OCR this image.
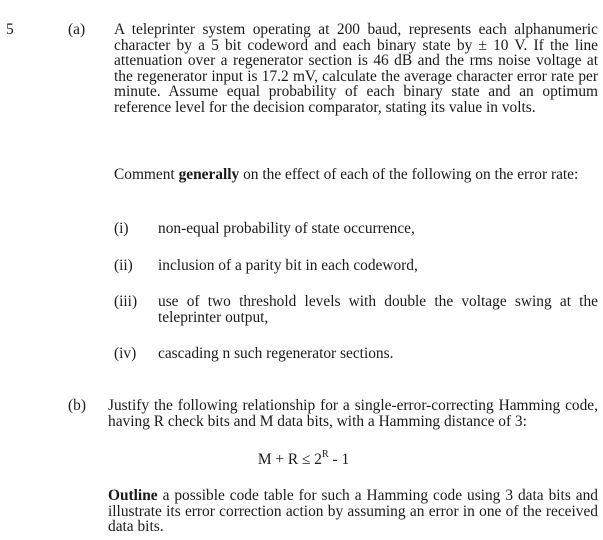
5	(a) A teleprinter system operating at 200 baud, represents each alphanumeric character by a 5 bit codeword and each binary state by ± 10 V. If the line attenuation over a regenerator section is 46 dB and the rms noise voltage at the regenerator input is 17.2 mV, calculate the average character error rate per minute. Assume equal probability of each binary state and an optimum reference level for the decision comparator, stating its value in volts.
Comment generally on the effect of each of the following on the error rate:
(i) non-equal probability of state occurrence,
(ii) inclusion of a parity bit in each codeword,
(iii) use of two threshold levels with double the voltage swing at the teleprinter output,
(iv) cascading n such regenerator sections.
(b) Justify the following relationship for a single-error-correcting Hamming code, having R check bits and M data bits, with a Hamming distance of 3:
$M + R \le 2^R - 1$
Outline a possible code table for such a Hamming code using 3 data bits and illustrate its error correction action by assuming an error in one of the received data bits.
